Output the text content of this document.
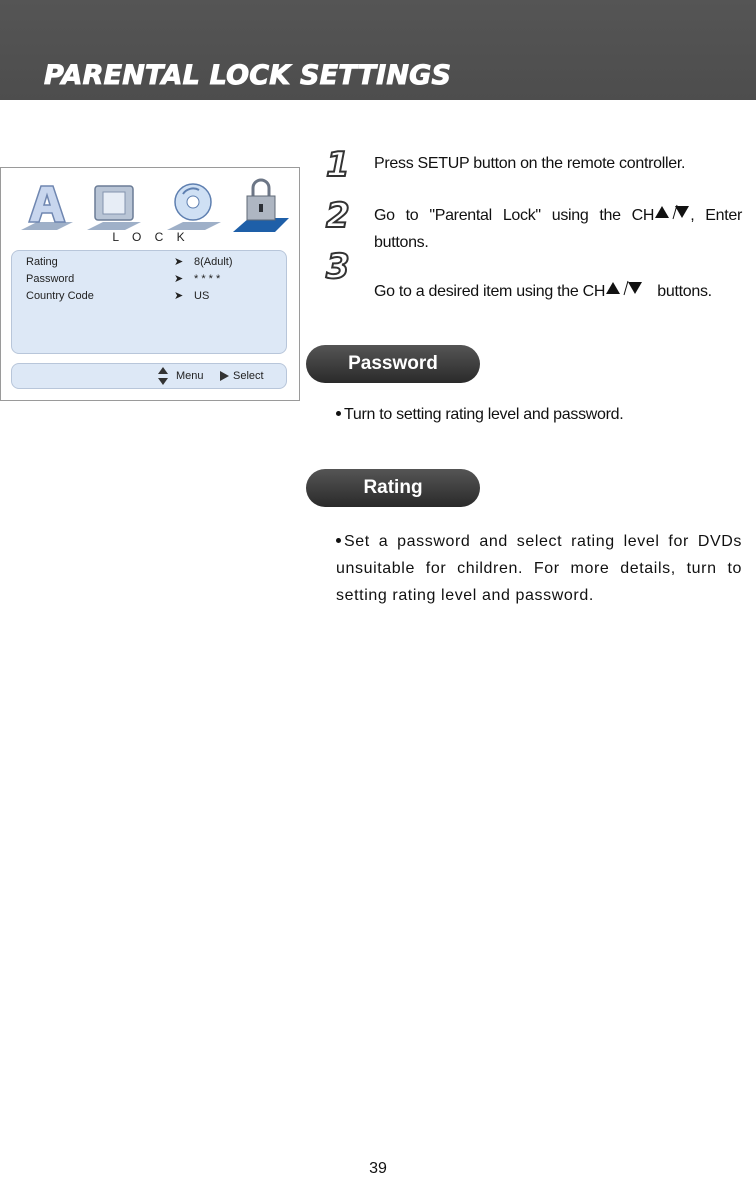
PARENTAL LOCK SETTINGS
L O C K
Rating	➤ 8(Adult)
Password	➤ * * * *
Country Code	➤ US
Menu	Select
1
2
3
Press SETUP button on the remote controller.
Go to "Parental Lock" using the CH , Enter buttons.
Go to a desired item using the CH	buttons.
Password
Turn to setting rating level and password.
Rating
Set a password and select rating level for DVDs unsuitable for children. For more details, turn to setting rating level and password.
39
